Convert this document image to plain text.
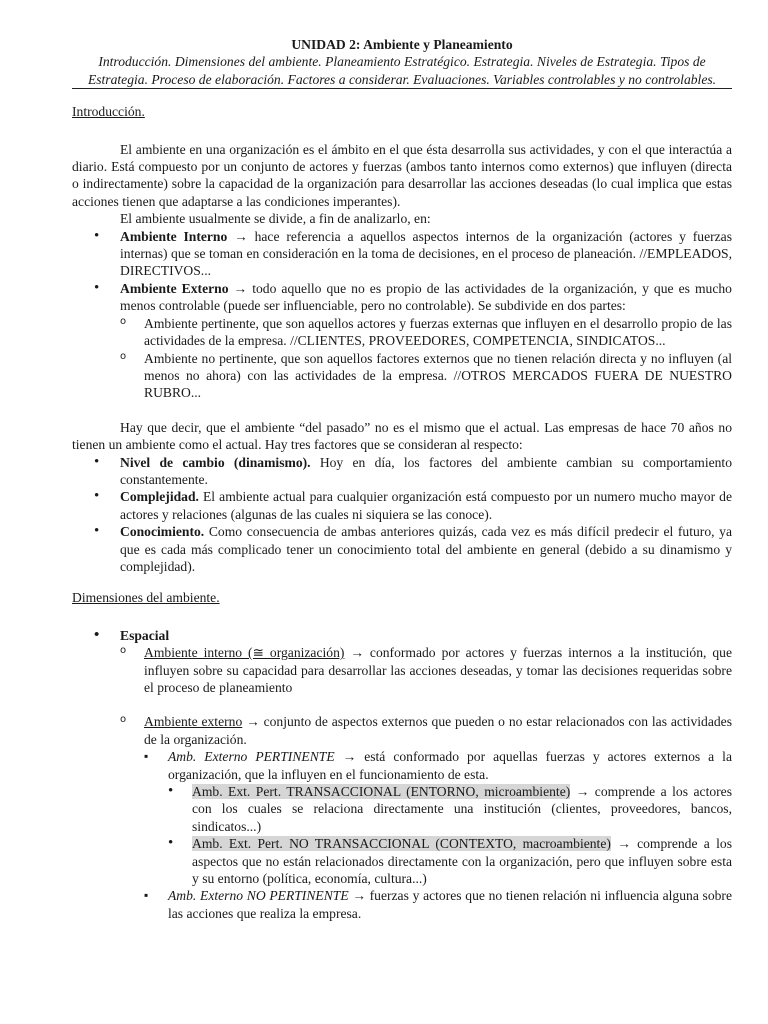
UNIDAD 2: Ambiente y Planeamiento

Introducción. Dimensiones del ambiente. Planeamiento Estratégico. Estrategia. Niveles de Estrategia. Tipos de Estrategia. Proceso de elaboración. Factores a considerar. Evaluaciones. Variables controlables y no controlables.

Introducción.

El ambiente en una organización es el ámbito en el que ésta desarrolla sus actividades, y con el que interactúa a diario. Está compuesto por un conjunto de actores y fuerzas (ambos tanto internos como externos) que influyen (directa o indirectamente) sobre la capacidad de la organización para desarrollar las acciones deseadas (lo cual implica que estas acciones tienen que adaptarse a las condiciones imperantes).

El ambiente usualmente se divide, a fin de analizarlo, en:

• Ambiente Interno → hace referencia a aquellos aspectos internos de la organización (actores y fuerzas internas) que se toman en consideración en la toma de decisiones, en el proceso de planeación. //EMPLEADOS, DIRECTIVOS...
• Ambiente Externo → todo aquello que no es propio de las actividades de la organización, y que es mucho menos controlable (puede ser influenciable, pero no controlable). Se subdivide en dos partes:
o Ambiente pertinente, que son aquellos actores y fuerzas externas que influyen en el desarrollo propio de las actividades de la empresa. //CLIENTES, PROVEEDORES, COMPETENCIA, SINDICATOS...
o Ambiente no pertinente, que son aquellos factores externos que no tienen relación directa y no influyen (al menos no ahora) con las actividades de la empresa. //OTROS MERCADOS FUERA DE NUESTRO RUBRO...

Hay que decir, que el ambiente “del pasado” no es el mismo que el actual. Las empresas de hace 70 años no tienen un ambiente como el actual. Hay tres factores que se consideran al respecto:

• Nivel de cambio (dinamismo). Hoy en día, los factores del ambiente cambian su comportamiento constantemente.
• Complejidad. El ambiente actual para cualquier organización está compuesto por un numero mucho mayor de actores y relaciones (algunas de las cuales ni siquiera se las conoce).
• Conocimiento. Como consecuencia de ambas anteriores quizás, cada vez es más difícil predecir el futuro, ya que es cada más complicado tener un conocimiento total del ambiente en general (debido a su dinamismo y complejidad).

Dimensiones del ambiente.

• Espacial
o Ambiente interno (≅ organización) → conformado por actores y fuerzas internos a la institución, que influyen sobre su capacidad para desarrollar las acciones deseadas, y tomar las decisiones requeridas sobre el proceso de planeamiento
o Ambiente externo → conjunto de aspectos externos que pueden o no estar relacionados con las actividades de la organización.
▪ Amb. Externo PERTINENTE → está conformado por aquellas fuerzas y actores externos a la organización, que la influyen en el funcionamiento de esta.
• Amb. Ext. Pert. TRANSACCIONAL (ENTORNO, microambiente) → comprende a los actores con los cuales se relaciona directamente una institución (clientes, proveedores, bancos, sindicatos...)
• Amb. Ext. Pert. NO TRANSACCIONAL (CONTEXTO, macroambiente) → comprende a los aspectos que no están relacionados directamente con la organización, pero que influyen sobre esta y su entorno (política, economía, cultura...)
▪ Amb. Externo NO PERTINENTE → fuerzas y actores que no tienen relación ni influencia alguna sobre las acciones que realiza la empresa.
